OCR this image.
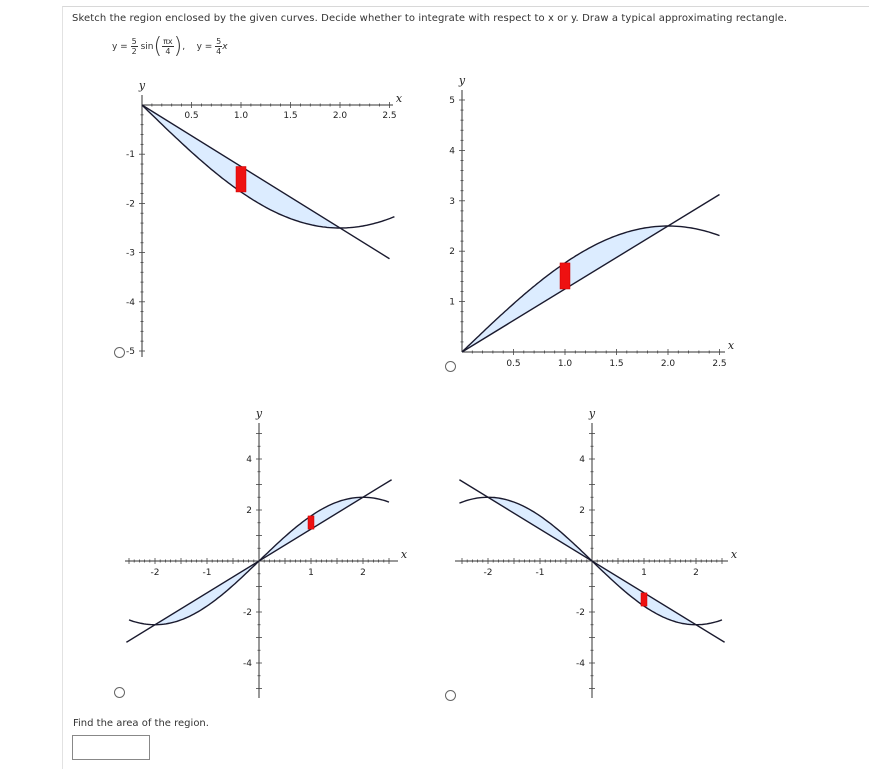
Sketch the region enclosed by the given curves. Decide whether to integrate with respect to x or y. Draw a typical approximating rectangle.
$y = \frac{5}{2} \sin( \frac{\pi x}{4}$ ), $y = \frac{5}{4}$ x
0.5	1.0	1.5	2.0	2.5
-1
-2
-3
-4
-5
x
y
0.5	1.0	1.5	2.0	2.5
1
2
3
4
5
x
y
-2	-1	1	2
4
2
-2
-4
x
y
-2	-1	1	2
4
2
-2
-4
x
y
Find the area of the region.
